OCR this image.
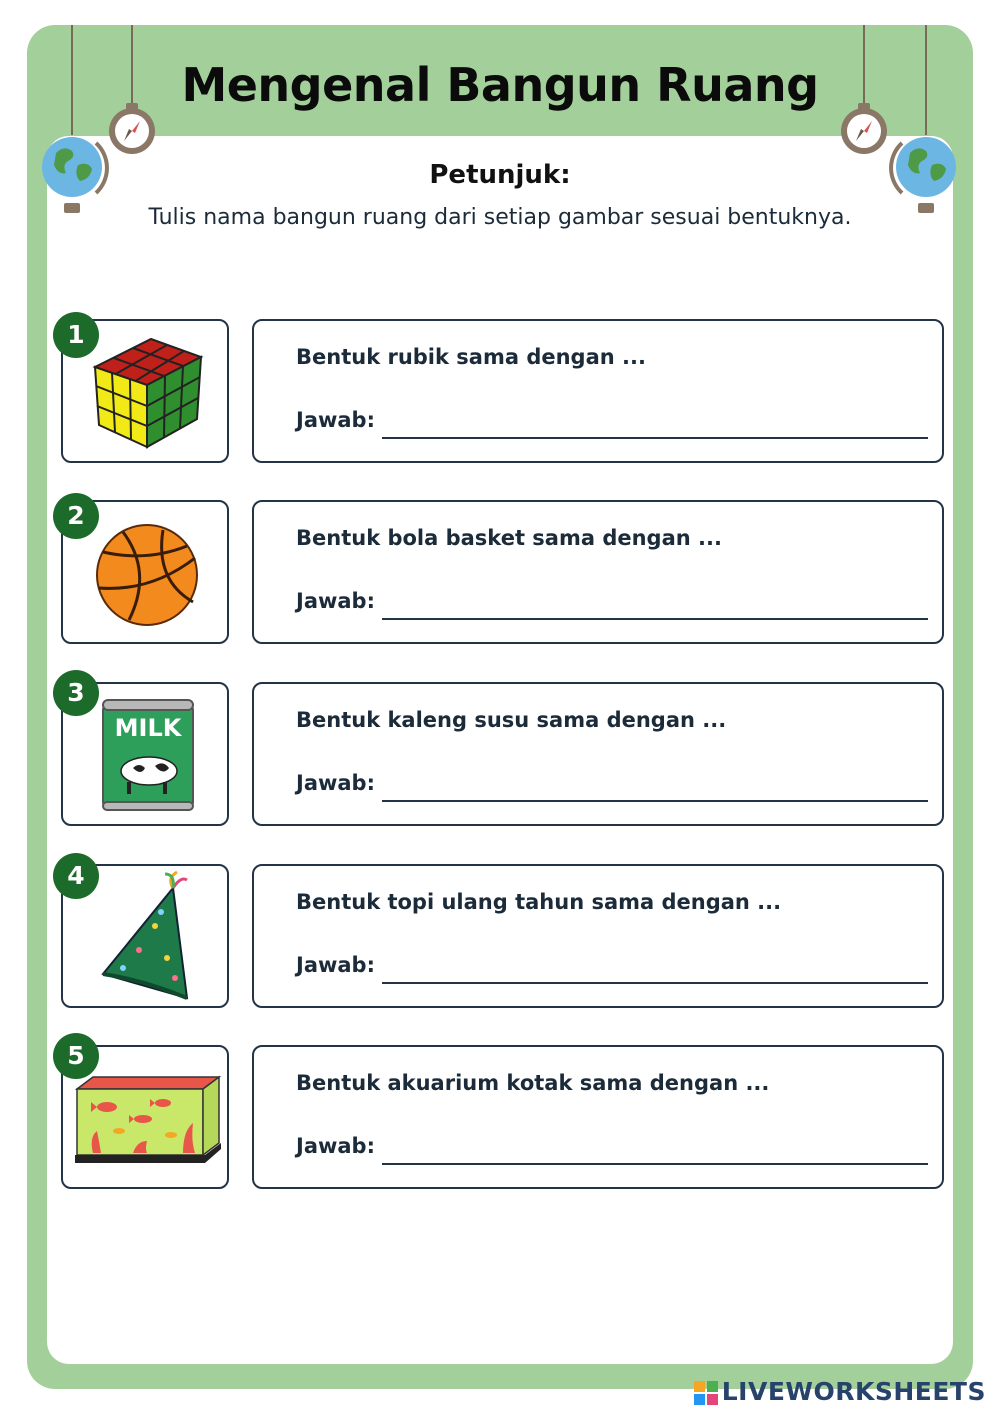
Mengenal Bangun Ruang
Petunjuk:
Tulis nama bangun ruang dari setiap gambar sesuai bentuknya.
1
Bentuk rubik sama dengan ...
Jawab:
2
Bentuk bola basket sama dengan ...
Jawab:
MILK
3
Bentuk kaleng susu sama dengan ...
Jawab:
4
Bentuk topi ulang tahun sama dengan ...
Jawab:
5
Bentuk akuarium kotak sama dengan ...
Jawab:
LIVEWORKSHEETS
